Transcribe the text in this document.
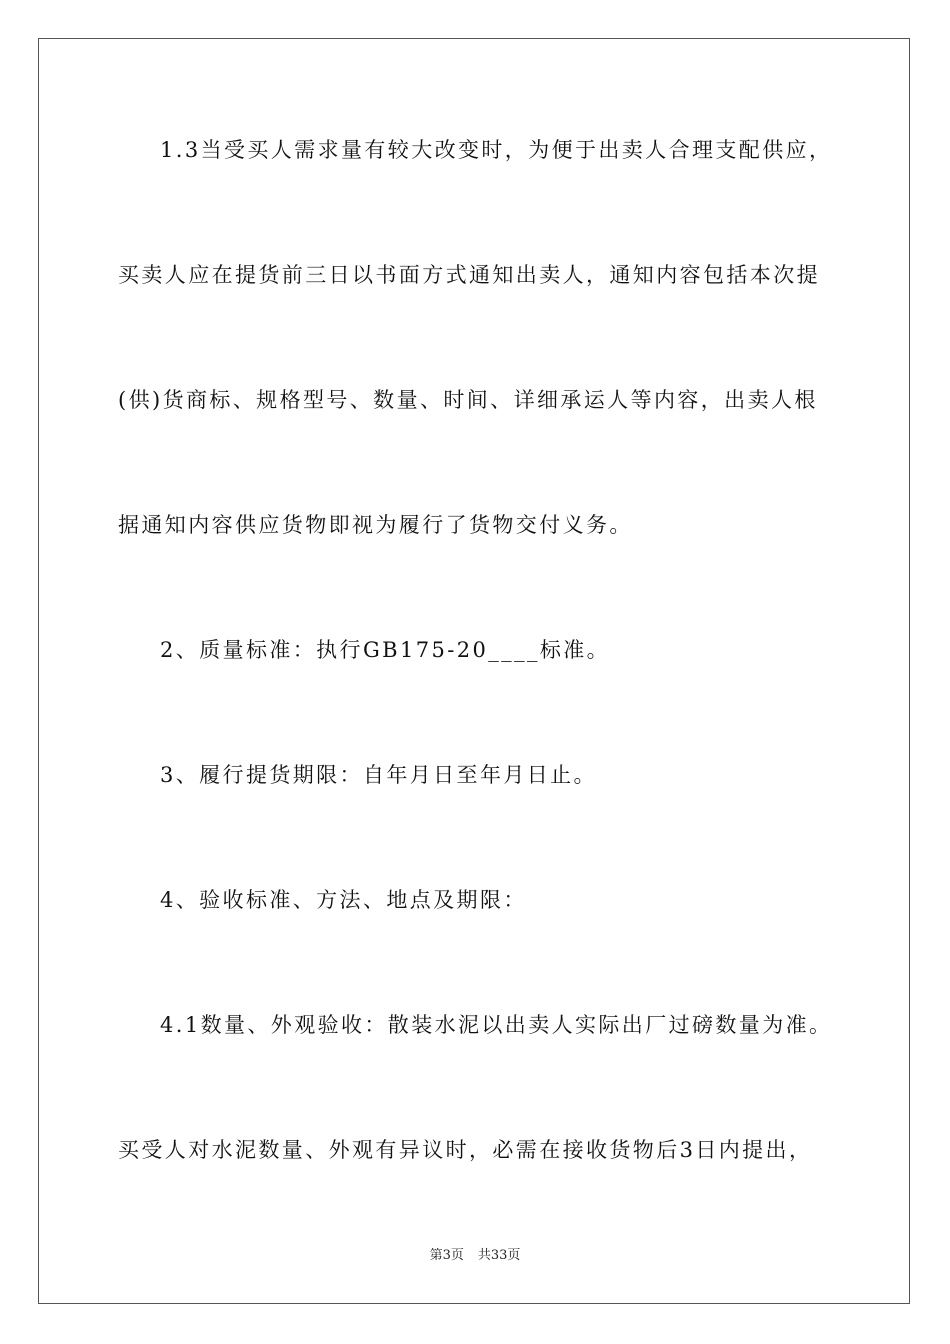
1.3当受买人需求量有较大改变时，为便于出卖人合理支配供应，
买卖人应在提货前三日以书面方式通知出卖人，通知内容包括本次提
(供)货商标、规格型号、数量、时间、详细承运人等内容，出卖人根
据通知内容供应货物即视为履行了货物交付义务。
2、质量标准：执行GB175-20____标准。
3、履行提货期限：自年月日至年月日止。
4、验收标准、方法、地点及期限：
4.1数量、外观验收：散装水泥以出卖人实际出厂过磅数量为准。
买受人对水泥数量、外观有异议时，必需在接收货物后3日内提出，
第3页 共33页
